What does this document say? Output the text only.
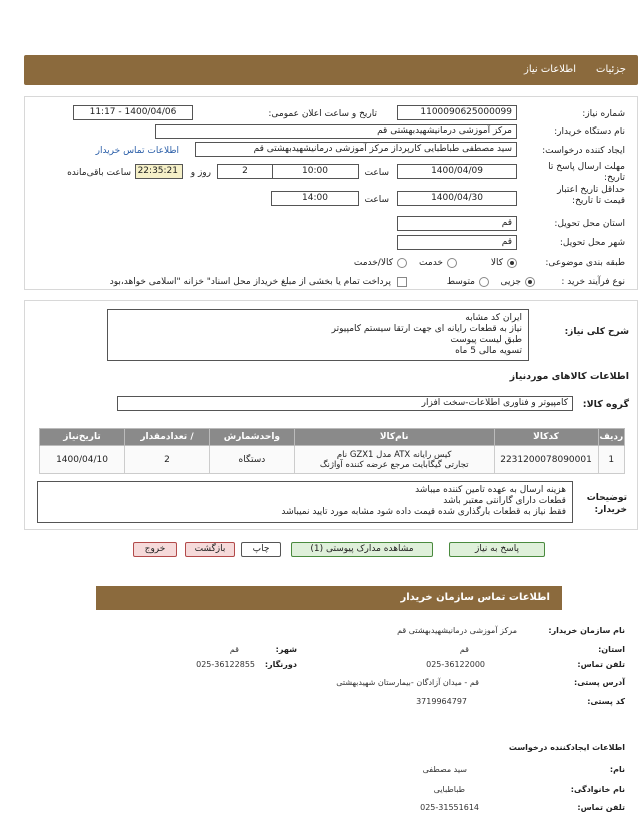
جزئیات
اطلاعات نیاز
شماره نیاز:
1100090625000099
تاریخ و ساعت اعلان عمومی:
1400/04/06 - 11:17
نام دستگاه خریدار:
مرکز آموزشی درمانیشهیدبهشتی قم
ایجاد کننده درخواست:
سید مصطفی طباطبایی کارپرداز مرکز آموزشی درمانیشهیدبهشتی قم
اطلاعات تماس خریدار
مهلت ارسال پاسخ تا تاریخ:
1400/04/09
ساعت
10:00
2
روز و
22:35:21
ساعت باقی‌مانده
حداقل تاریخ اعتبار قیمت تا تاریخ:
1400/04/30
ساعت
14:00
استان محل تحویل:
قم
شهر محل تحویل:
قم
طبقه بندی موضوعی:
کالا
خدمت
کالا/خدمت
نوع فرآیند خرید :
جزیی
متوسط
پرداخت تمام یا بخشی از مبلغ خریداز محل اسناد" خزانه "اسلامی خواهد،بود
شرح کلی نیاز:
ایران کد مشابه
نیاز به قطعات رایانه ای جهت ارتقا سیستم کامپیوتر
طبق لیست پیوست
تسویه مالی 5 ماه
اطلاعات کالاهای موردنیاز
گروه کالا:
کامپیوتر و فناوری اطلاعات-سخت افزار
ردیف	کدکالا	نام‌کالا	واحدشمارش	/ تعدادمقدار	تاریخ‌نیاز
1	2231200078090001	کیس رایانه ATX مدل GZX1 نام
تجارتی گیگابایت مرجع عرضه کننده آواژنگ	دستگاه	2	1400/04/10
توضیحات خریدار:
هزینه ارسال به عهده تامین کننده میباشد
قطعات دارای گارانتی معتبر باشد
فقط نیاز به قطعات بارگذاری شده قیمت داده شود مشابه مورد تایید نمیباشد
پاسخ به نیاز
مشاهده مدارک پیوستی (1)
چاپ
بازگشت
خروج
اطلاعات تماس سازمان خریدار
نام سازمان خریدار:
مرکز آموزشی درمانیشهیدبهشتی قم
استان:
قم
شهر:
قم
تلفن تماس:
025-36122000
دورنگار:
025-36122855
آدرس پستی:
قم - میدان آزادگان -بیمارستان شهیدبهشتی
کد پستی:
3719964797
اطلاعات ایجادکننده درخواست
نام:
سید مصطفی
نام خانوادگی:
طباطبایی
تلفن تماس:
025-31551614
